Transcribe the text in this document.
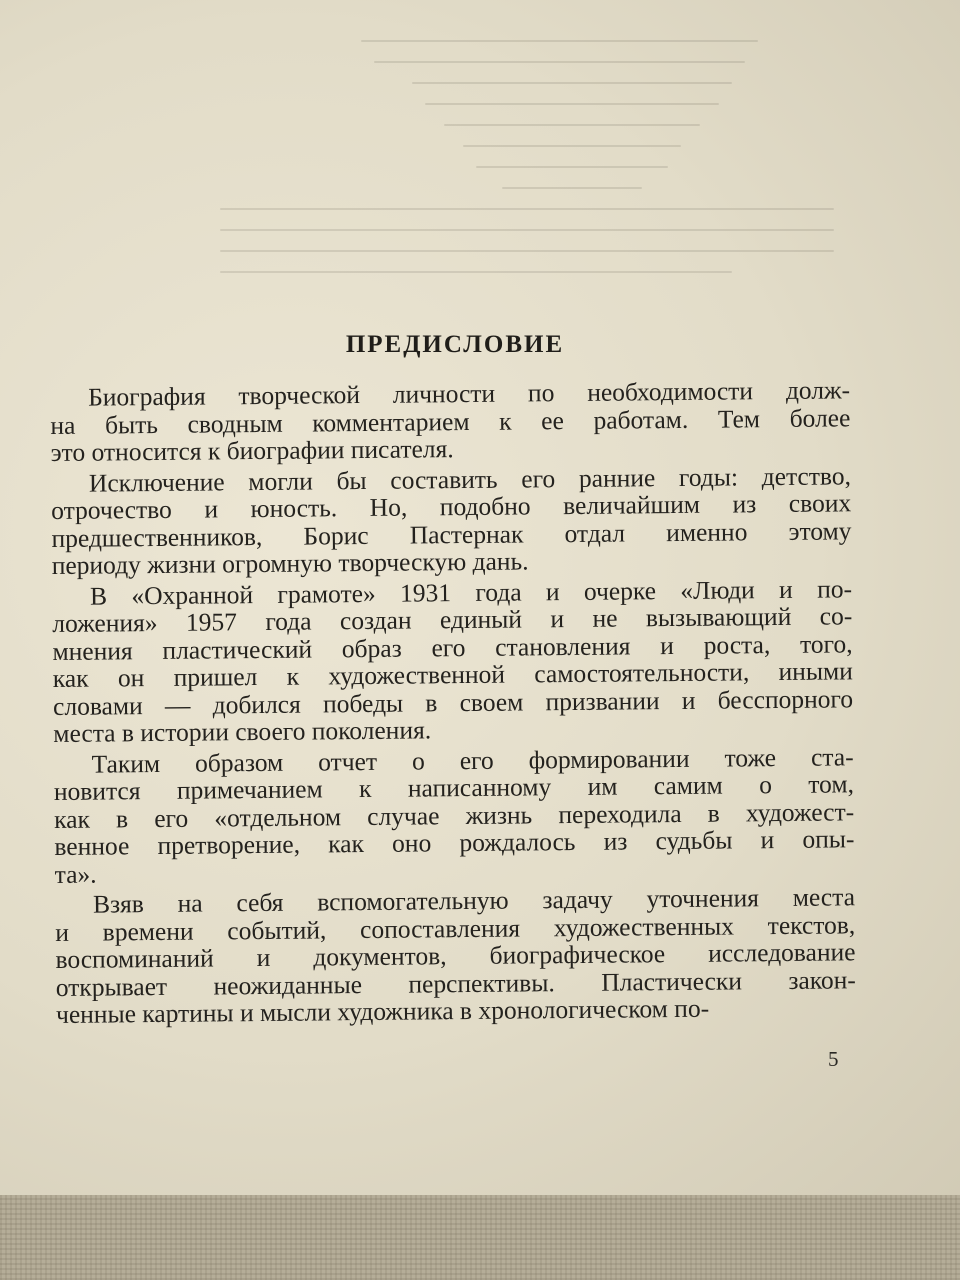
ПРЕДИСЛОВИЕ
Биография творческой личности по необходимости долж-
на быть сводным комментарием к ее работам. Тем более
это относится к биографии писателя.
Исключение могли бы составить его ранние годы: детство,
отрочество и юность. Но, подобно величайшим из своих
предшественников, Борис Пастернак отдал именно этому
периоду жизни огромную творческую дань.
В «Охранной грамоте» 1931 года и очерке «Люди и по-
ложения» 1957 года создан единый и не вызывающий со-
мнения пластический образ его становления и роста, того,
как он пришел к художественной самостоятельности, иными
словами — добился победы в своем призвании и бесспорного
места в истории своего поколения.
Таким образом отчет о его формировании тоже ста-
новится примечанием к написанному им самим о том,
как в его «отдельном случае жизнь переходила в художест-
венное претворение, как оно рождалось из судьбы и опы-
та».
Взяв на себя вспомогательную задачу уточнения места
и времени событий, сопоставления художественных текстов,
воспоминаний и документов, биографическое исследование
открывает неожиданные перспективы. Пластически закон-
ченные картины и мысли художника в хронологическом по-
5
